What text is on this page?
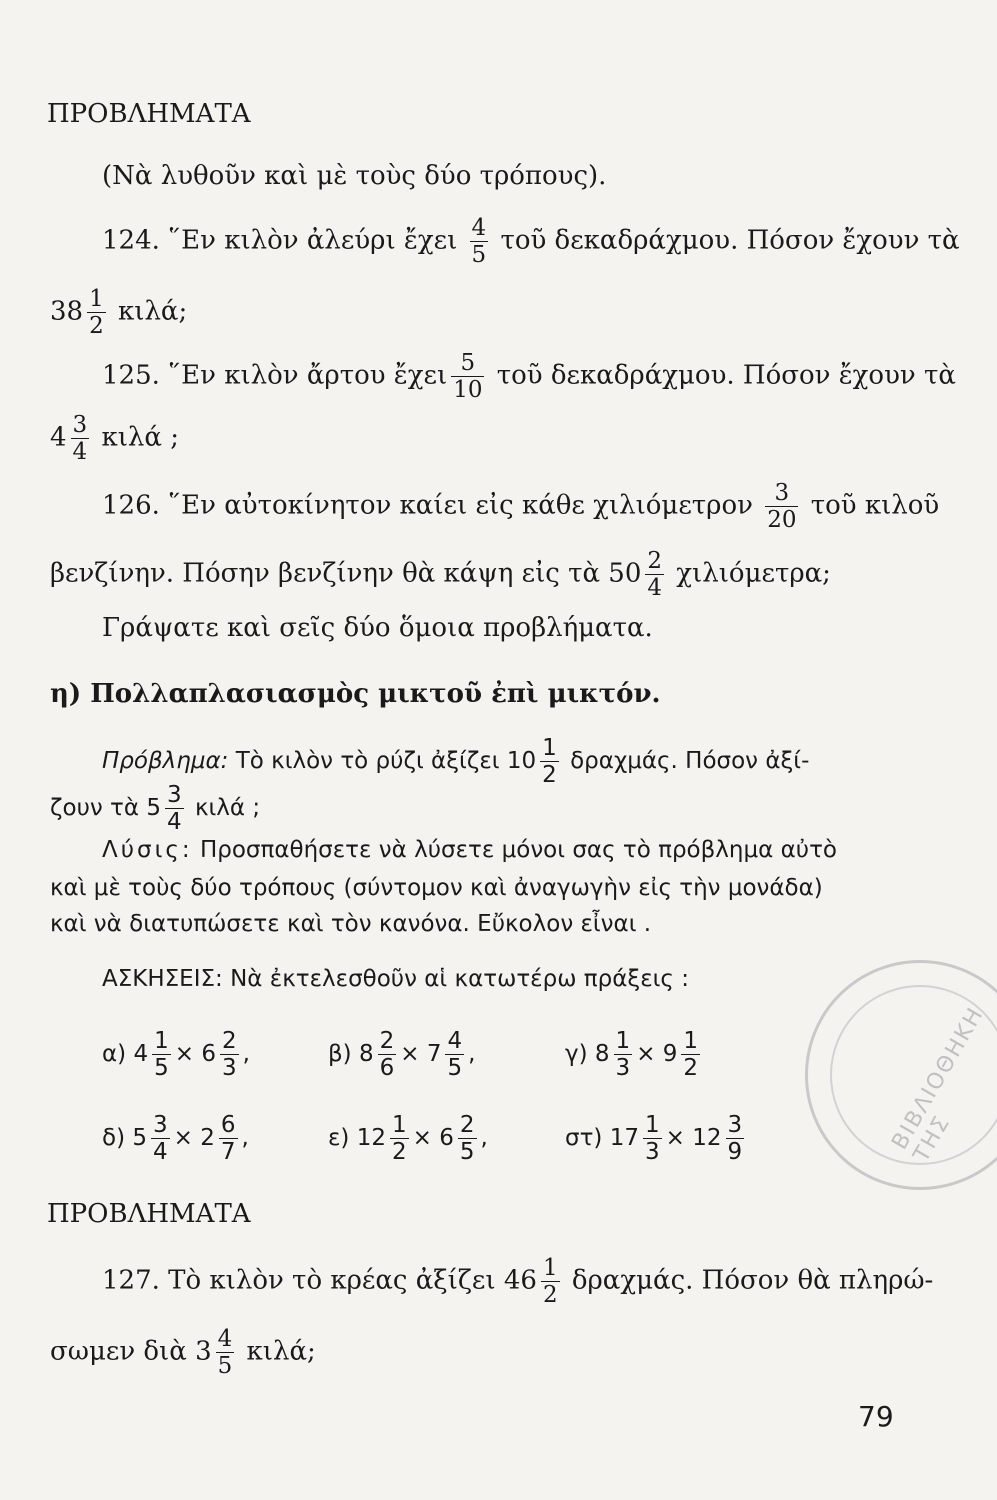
ΒΙΒΛΙΟΘΗΚΗ ΤΗΣ
ΠΡΟΒΛΗΜΑΤΑ
(Νὰ λυθοῦν καὶ μὲ τοὺς δύο τρόπους).
124. ῞Εν κιλὸν ἀλεύρι ἔχει $\frac{4}{5}$ τοῦ δεκαδράχμου. Πόσον ἔχουν τὰ
$38 \frac{1}{2} \kappa\iota\lambda ά$;
125. ῞Εν κιλὸν ἄρτου ἔχει $\frac{5}{10}$ τοῦ δεκαδράχμου. Πόσον ἔχουν τὰ
$4 \frac{3}{4}$ κιλά ;
126. ῞Εν αὐτοκίνητον καίει εἰς κάθε χιλιόμετρον $\frac{3}{20}$ τοῦ κιλοῦ
βενζίνην. Πόσην βενζίνην θὰ κάψη εἰς τὰ $50 \frac{2}{4} \chi\iota\lambda\iota ό\mu\varepsilon\tau\rho\alpha$;
Γράψατε καὶ σεῖς δύο ὅμοια προβλήματα.
η) Πολλαπλασιασμὸς μικτοῦ ἐπὶ μικτόν.
Πρόβλημα: Τὸ κιλὸν τὸ ρύζι ἀξίζει $10 \frac{1}{2} \delta\rho\alpha\chi\mu ά\varsigma$. Πόσον ἀξί-
ζουν τὰ $5 \frac{3}{4}$ κιλά ;
Λύσις: Προσπαθήσετε νὰ λύσετε μόνοι σας τὸ πρόβλημα αὐτὸ
καὶ μὲ τοὺς δύο τρόπους (σύντομον καὶ ἀναγωγὴν εἰς τὴν μονάδα)
καὶ νὰ διατυπώσετε καὶ τὸν κανόνα. Εὔκολον εἶναι .
ΑΣΚΗΣΕΙΣ: Νὰ ἐκτελεσθοῦν αἱ κατωτέρω πράξεις :
α) $4 \frac{1}{5} \times 6 \frac{2}{3}$ ,	β) $8 \frac{2}{6} \times 7 \frac{4}{5}$ ,	γ) $8 \frac{1}{3} \times 9 \frac{1}{2}$
δ) $5 \frac{3}{4} \times 2 \frac{6}{7}$ ,	ε) $12 \frac{1}{2} \times 6 \frac{2}{5}$ ,	στ) $17 \frac{1}{3} \times 12 \frac{3}{9}$
ΠΡΟΒΛΗΜΑΤΑ
127. Τὸ κιλὸν τὸ κρέας ἀξίζει $46 \frac{1}{2} \delta\rho\alpha\chi\mu ά\varsigma$. Πόσον θὰ πληρώ-
σωμεν διὰ $3 \frac{4}{5} \kappa\iota\lambda ά$;
79
